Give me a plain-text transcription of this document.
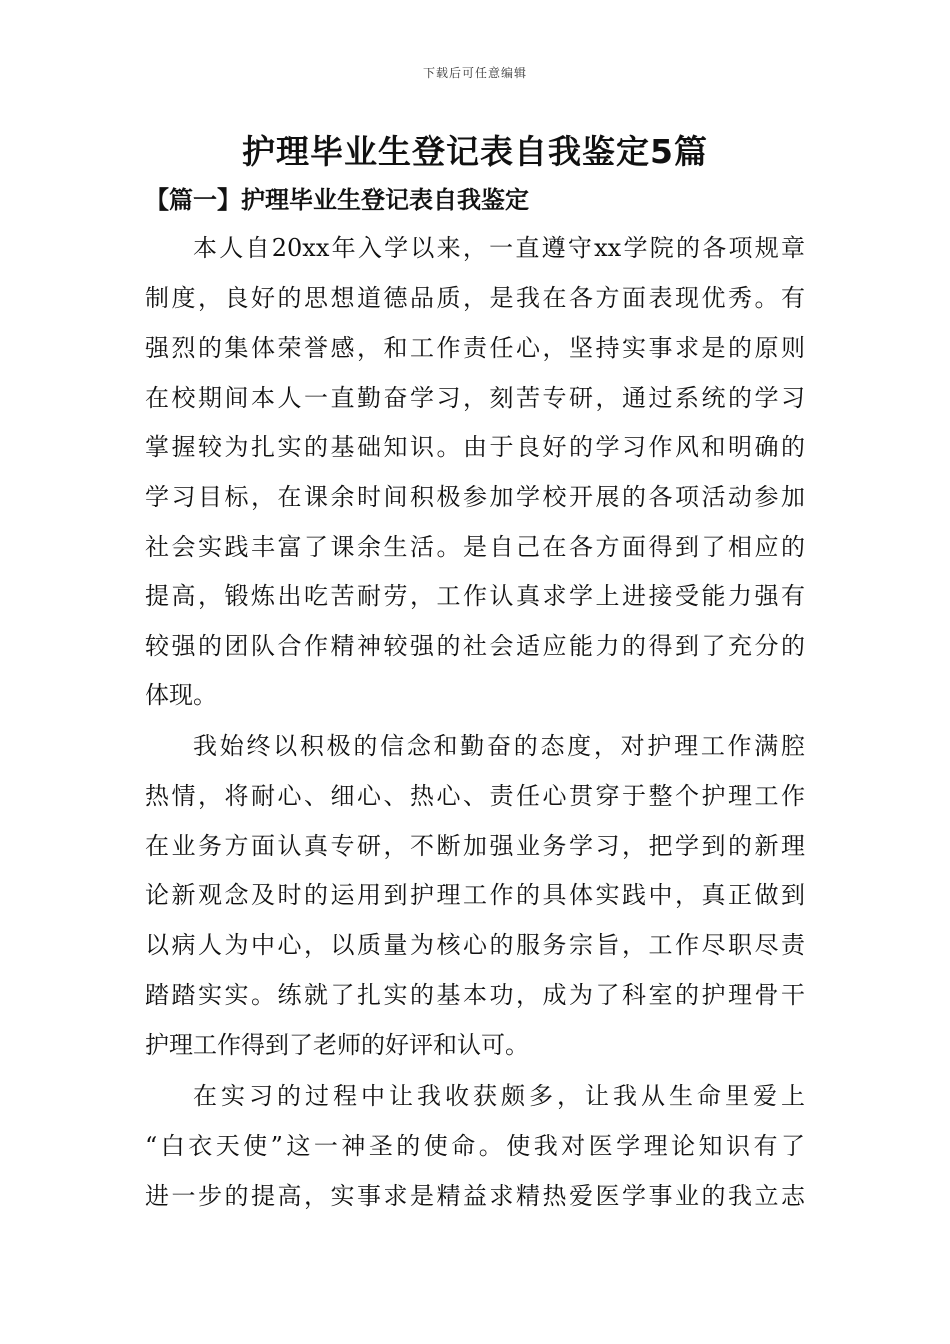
下载后可任意编辑
护理毕业生登记表自我鉴定5篇
【篇一】护理毕业生登记表自我鉴定
本人自20xx年入学以来，一直遵守xx学院的各项规章
制度，良好的思想道德品质，是我在各方面表现优秀。有
强烈的集体荣誉感，和工作责任心，坚持实事求是的原则
在校期间本人一直勤奋学习，刻苦专研，通过系统的学习
掌握较为扎实的基础知识。由于良好的学习作风和明确的
学习目标，在课余时间积极参加学校开展的各项活动参加
社会实践丰富了课余生活。是自己在各方面得到了相应的
提高，锻炼出吃苦耐劳，工作认真求学上进接受能力强有
较强的团队合作精神较强的社会适应能力的得到了充分的
体现。
我始终以积极的信念和勤奋的态度，对护理工作满腔
热情，将耐心、细心、热心、责任心贯穿于整个护理工作
在业务方面认真专研，不断加强业务学习，把学到的新理
论新观念及时的运用到护理工作的具体实践中，真正做到
以病人为中心，以质量为核心的服务宗旨，工作尽职尽责
踏踏实实。练就了扎实的基本功，成为了科室的护理骨干
护理工作得到了老师的好评和认可。
在实习的过程中让我收获颇多，让我从生命里爱上
“白衣天使”这一神圣的使命。使我对医学理论知识有了
进一步的提高，实事求是精益求精热爱医学事业的我立志
